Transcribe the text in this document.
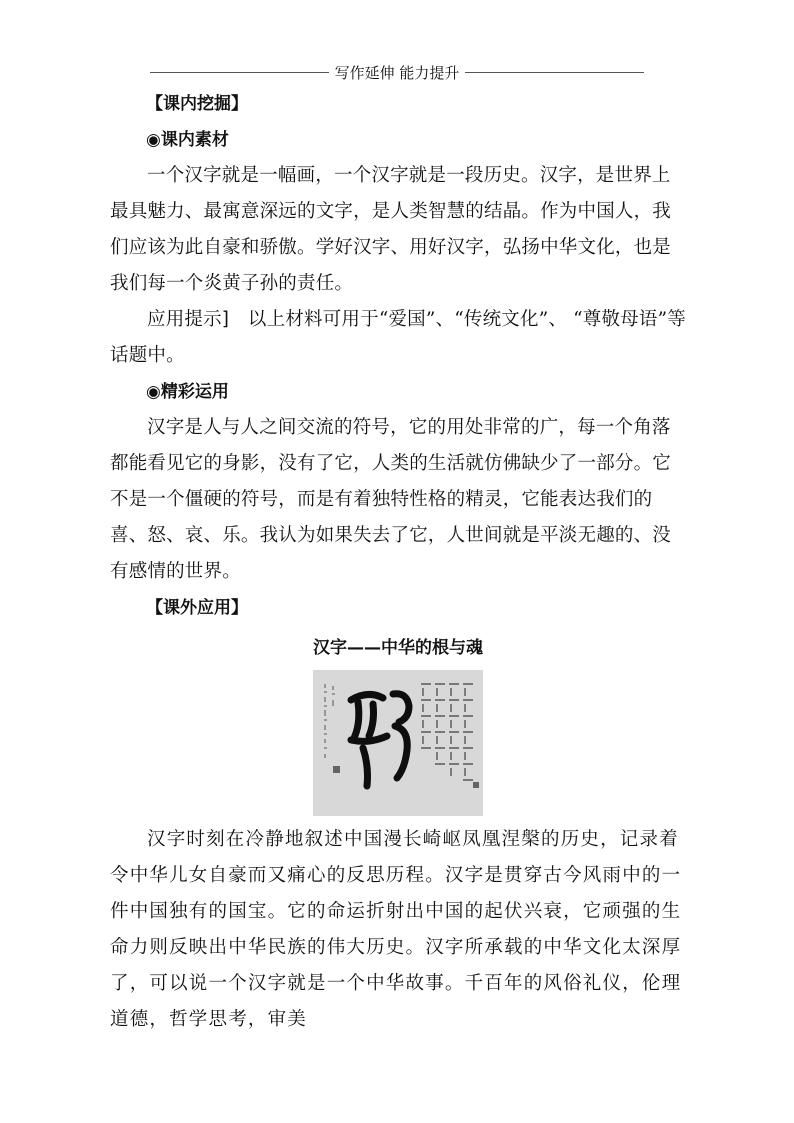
写作延伸 能力提升
【课内挖掘】
◉课内素材

一个汉字就是一幅画，一个汉字就是一段历史。汉字，是世界上最具魅力、最寓意深远的文字，是人类智慧的结晶。作为中国人，我们应该为此自豪和骄傲。学好汉字、用好汉字，弘扬中华文化，也是我们每一个炎黄子孙的责任。

应用提示]　以上材料可用于“爱国”、“传统文化”、 “尊敬母语”等话题中。

◉精彩运用

汉字是人与人之间交流的符号，它的用处非常的广，每一个角落都能看见它的身影，没有了它，人类的生活就仿佛缺少了一部分。它不是一个僵硬的符号，而是有着独特性格的精灵，它能表达我们的喜、怒、哀、乐。我认为如果失去了它，人世间就是平淡无趣的、没有感情的世界。

【课外应用】
汉字——中华的根与魂

汉字时刻在冷静地叙述中国漫长崎岖凤凰涅槃的历史，记录着令中华儿女自豪而又痛心的反思历程。汉字是贯穿古今风雨中的一件中国独有的国宝。它的命运折射出中国的起伏兴衰，它顽强的生命力则反映出中华民族的伟大历史。汉字所承载的中华文化太深厚了，可以说一个汉字就是一个中华故事。千百年的风俗礼仪，伦理道德，哲学思考，审美
